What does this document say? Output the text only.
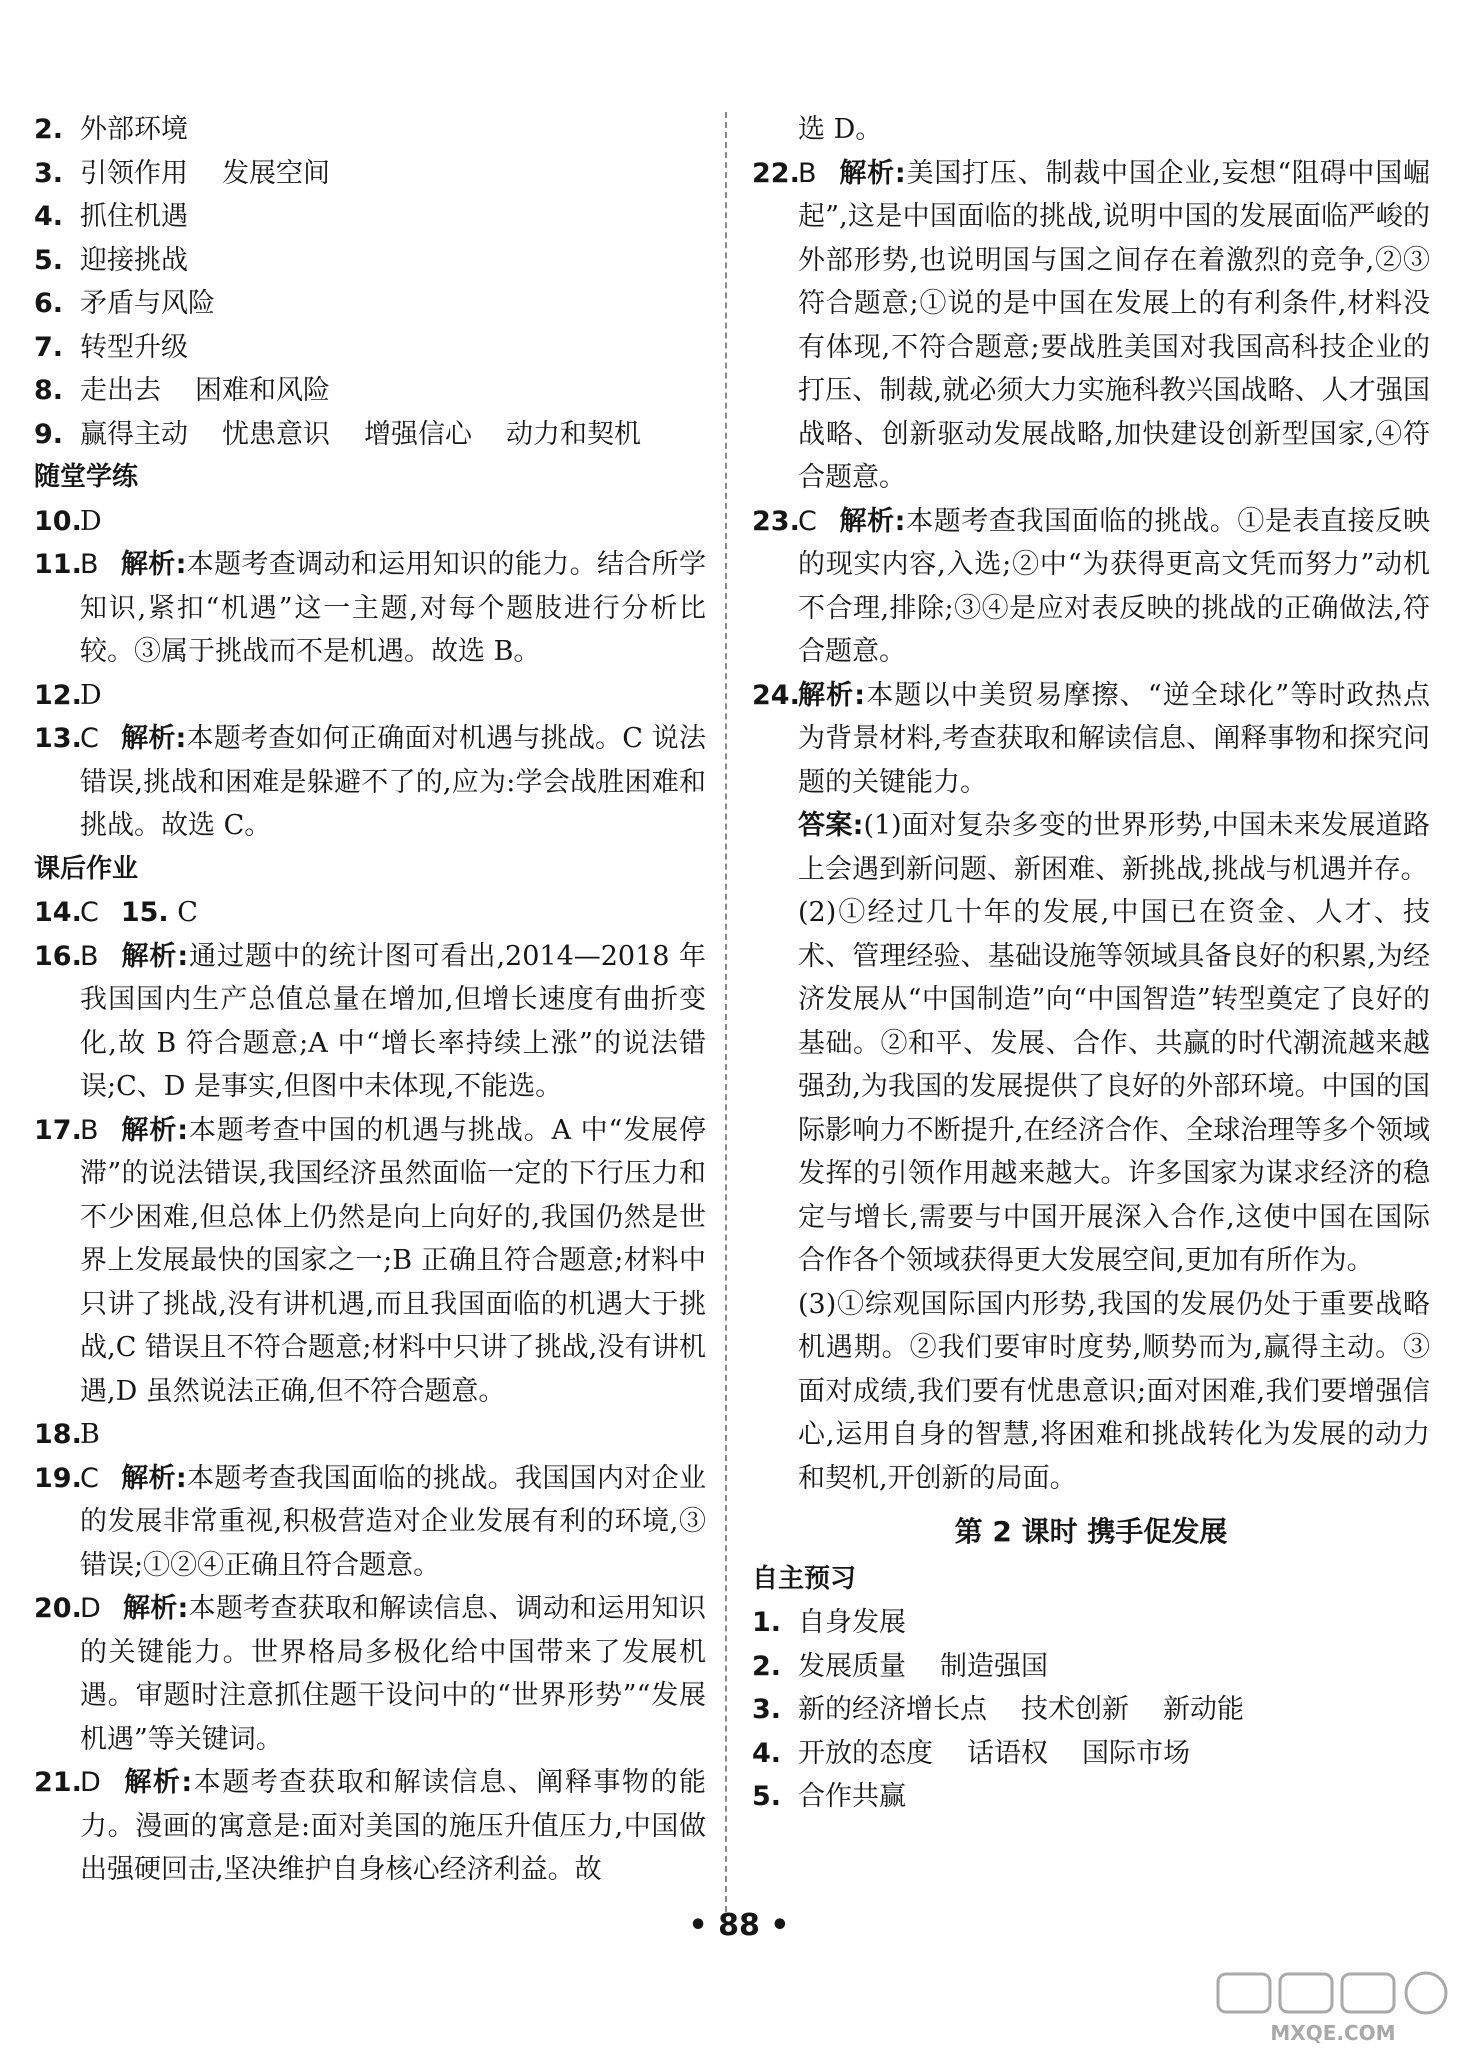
2. 外部环境
3. 引领作用 发展空间
4. 抓住机遇
5. 迎接挑战
6. 矛盾与风险
7. 转型升级
8. 走出去 困难和风险
9. 赢得主动 忧患意识 增强信心 动力和契机
随堂学练
10.
D
11.
B 解析:本题考查调动和运用知识的能力。结合所学知识,紧扣“机遇”这一主题,对每个题肢进行分析比较。③属于挑战而不是机遇。故选 B。
12.
D
13.
C 解析:本题考查如何正确面对机遇与挑战。C 说法错误,挑战和困难是躲避不了的,应为:学会战胜困难和挑战。故选 C。
课后作业
14.
C 15. C
16.
B 解析:通过题中的统计图可看出,2014—2018 年我国国内生产总值总量在增加,但增长速度有曲折变化,故 B 符合题意;A 中“增长率持续上涨”的说法错误;C、D 是事实,但图中未体现,不能选。
17.
B 解析:本题考查中国的机遇与挑战。A 中“发展停滞”的说法错误,我国经济虽然面临一定的下行压力和不少困难,但总体上仍然是向上向好的,我国仍然是世界上发展最快的国家之一;B 正确且符合题意;材料中只讲了挑战,没有讲机遇,而且我国面临的机遇大于挑战,C 错误且不符合题意;材料中只讲了挑战,没有讲机遇,D 虽然说法正确,但不符合题意。
18.
B
19.
C 解析:本题考查我国面临的挑战。我国国内对企业的发展非常重视,积极营造对企业发展有利的环境,③错误;①②④正确且符合题意。
20.
D 解析:本题考查获取和解读信息、调动和运用知识的关键能力。世界格局多极化给中国带来了发展机遇。审题时注意抓住题干设问中的“世界形势”“发展机遇”等关键词。
21.
D 解析:本题考查获取和解读信息、阐释事物的能力。漫画的寓意是:面对美国的施压升值压力,中国做出强硬回击,坚决维护自身核心经济利益。故
选 D。
22.
B 解析:美国打压、制裁中国企业,妄想“阻碍中国崛起”,这是中国面临的挑战,说明中国的发展面临严峻的外部形势,也说明国与国之间存在着激烈的竞争,②③符合题意;①说的是中国在发展上的有利条件,材料没有体现,不符合题意;要战胜美国对我国高科技企业的打压、制裁,就必须大力实施科教兴国战略、人才强国战略、创新驱动发展战略,加快建设创新型国家,④符合题意。
23.
C 解析:本题考查我国面临的挑战。①是表直接反映的现实内容,入选;②中“为获得更高文凭而努力”动机不合理,排除;③④是应对表反映的挑战的正确做法,符合题意。
24.
解析:本题以中美贸易摩擦、“逆全球化”等时政热点为背景材料,考查获取和解读信息、阐释事物和探究问题的关键能力。
答案:(1)面对复杂多变的世界形势,中国未来发展道路上会遇到新问题、新困难、新挑战,挑战与机遇并存。
(2)①经过几十年的发展,中国已在资金、人才、技术、管理经验、基础设施等领域具备良好的积累,为经济发展从“中国制造”向“中国智造”转型奠定了良好的基础。②和平、发展、合作、共赢的时代潮流越来越强劲,为我国的发展提供了良好的外部环境。中国的国际影响力不断提升,在经济合作、全球治理等多个领域发挥的引领作用越来越大。许多国家为谋求经济的稳定与增长,需要与中国开展深入合作,这使中国在国际合作各个领域获得更大发展空间,更加有所作为。
(3)①综观国际国内形势,我国的发展仍处于重要战略机遇期。②我们要审时度势,顺势而为,赢得主动。③面对成绩,我们要有忧患意识;面对困难,我们要增强信心,运用自身的智慧,将困难和挑战转化为发展的动力和契机,开创新的局面。
第 2 课时 携手促发展
自主预习
1. 自身发展
2. 发展质量 制造强国
3. 新的经济增长点 技术创新 新动能
4. 开放的态度 话语权 国际市场
5. 合作共赢
• 88 •
MXQE.COM
